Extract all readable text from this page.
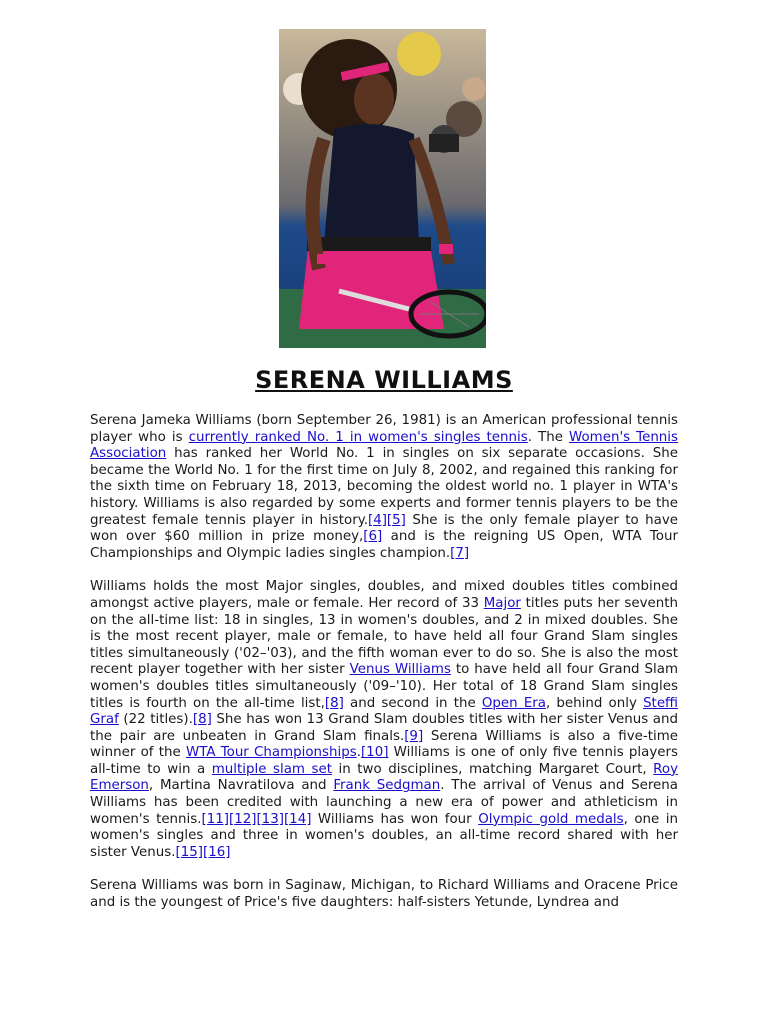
SERENA WILLIAMS

Serena Jameka Williams (born September 26, 1981) is an American professional tennis player who is currently ranked No. 1 in women's singles tennis. The Women's Tennis Association has ranked her World No. 1 in singles on six separate occasions. She became the World No. 1 for the first time on July 8, 2002, and regained this ranking for the sixth time on February 18, 2013, becoming the oldest world no. 1 player in WTA's history. Williams is also regarded by some experts and former tennis players to be the greatest female tennis player in history.[4][5] She is the only female player to have won over $60 million in prize money,[6] and is the reigning US Open, WTA Tour Championships and Olympic ladies singles champion.[7]

Williams holds the most Major singles, doubles, and mixed doubles titles combined amongst active players, male or female. Her record of 33 Major titles puts her seventh on the all-time list: 18 in singles, 13 in women's doubles, and 2 in mixed doubles. She is the most recent player, male or female, to have held all four Grand Slam singles titles simultaneously ('02–'03), and the fifth woman ever to do so. She is also the most recent player together with her sister Venus Williams to have held all four Grand Slam women's doubles titles simultaneously ('09–'10). Her total of 18 Grand Slam singles titles is fourth on the all-time list,[8] and second in the Open Era, behind only Steffi Graf (22 titles).[8] She has won 13 Grand Slam doubles titles with her sister Venus and the pair are unbeaten in Grand Slam finals.[9] Serena Williams is also a five-time winner of the WTA Tour Championships.[10] Williams is one of only five tennis players all-time to win a multiple slam set in two disciplines, matching Margaret Court, Roy Emerson, Martina Navratilova and Frank Sedgman. The arrival of Venus and Serena Williams has been credited with launching a new era of power and athleticism in women's tennis.[11][12][13][14] Williams has won four Olympic gold medals, one in women's singles and three in women's doubles, an all-time record shared with her sister Venus.[15][16]

Serena Williams was born in Saginaw, Michigan, to Richard Williams and Oracene Price and is the youngest of Price's five daughters: half-sisters Yetunde, Lyndrea and
